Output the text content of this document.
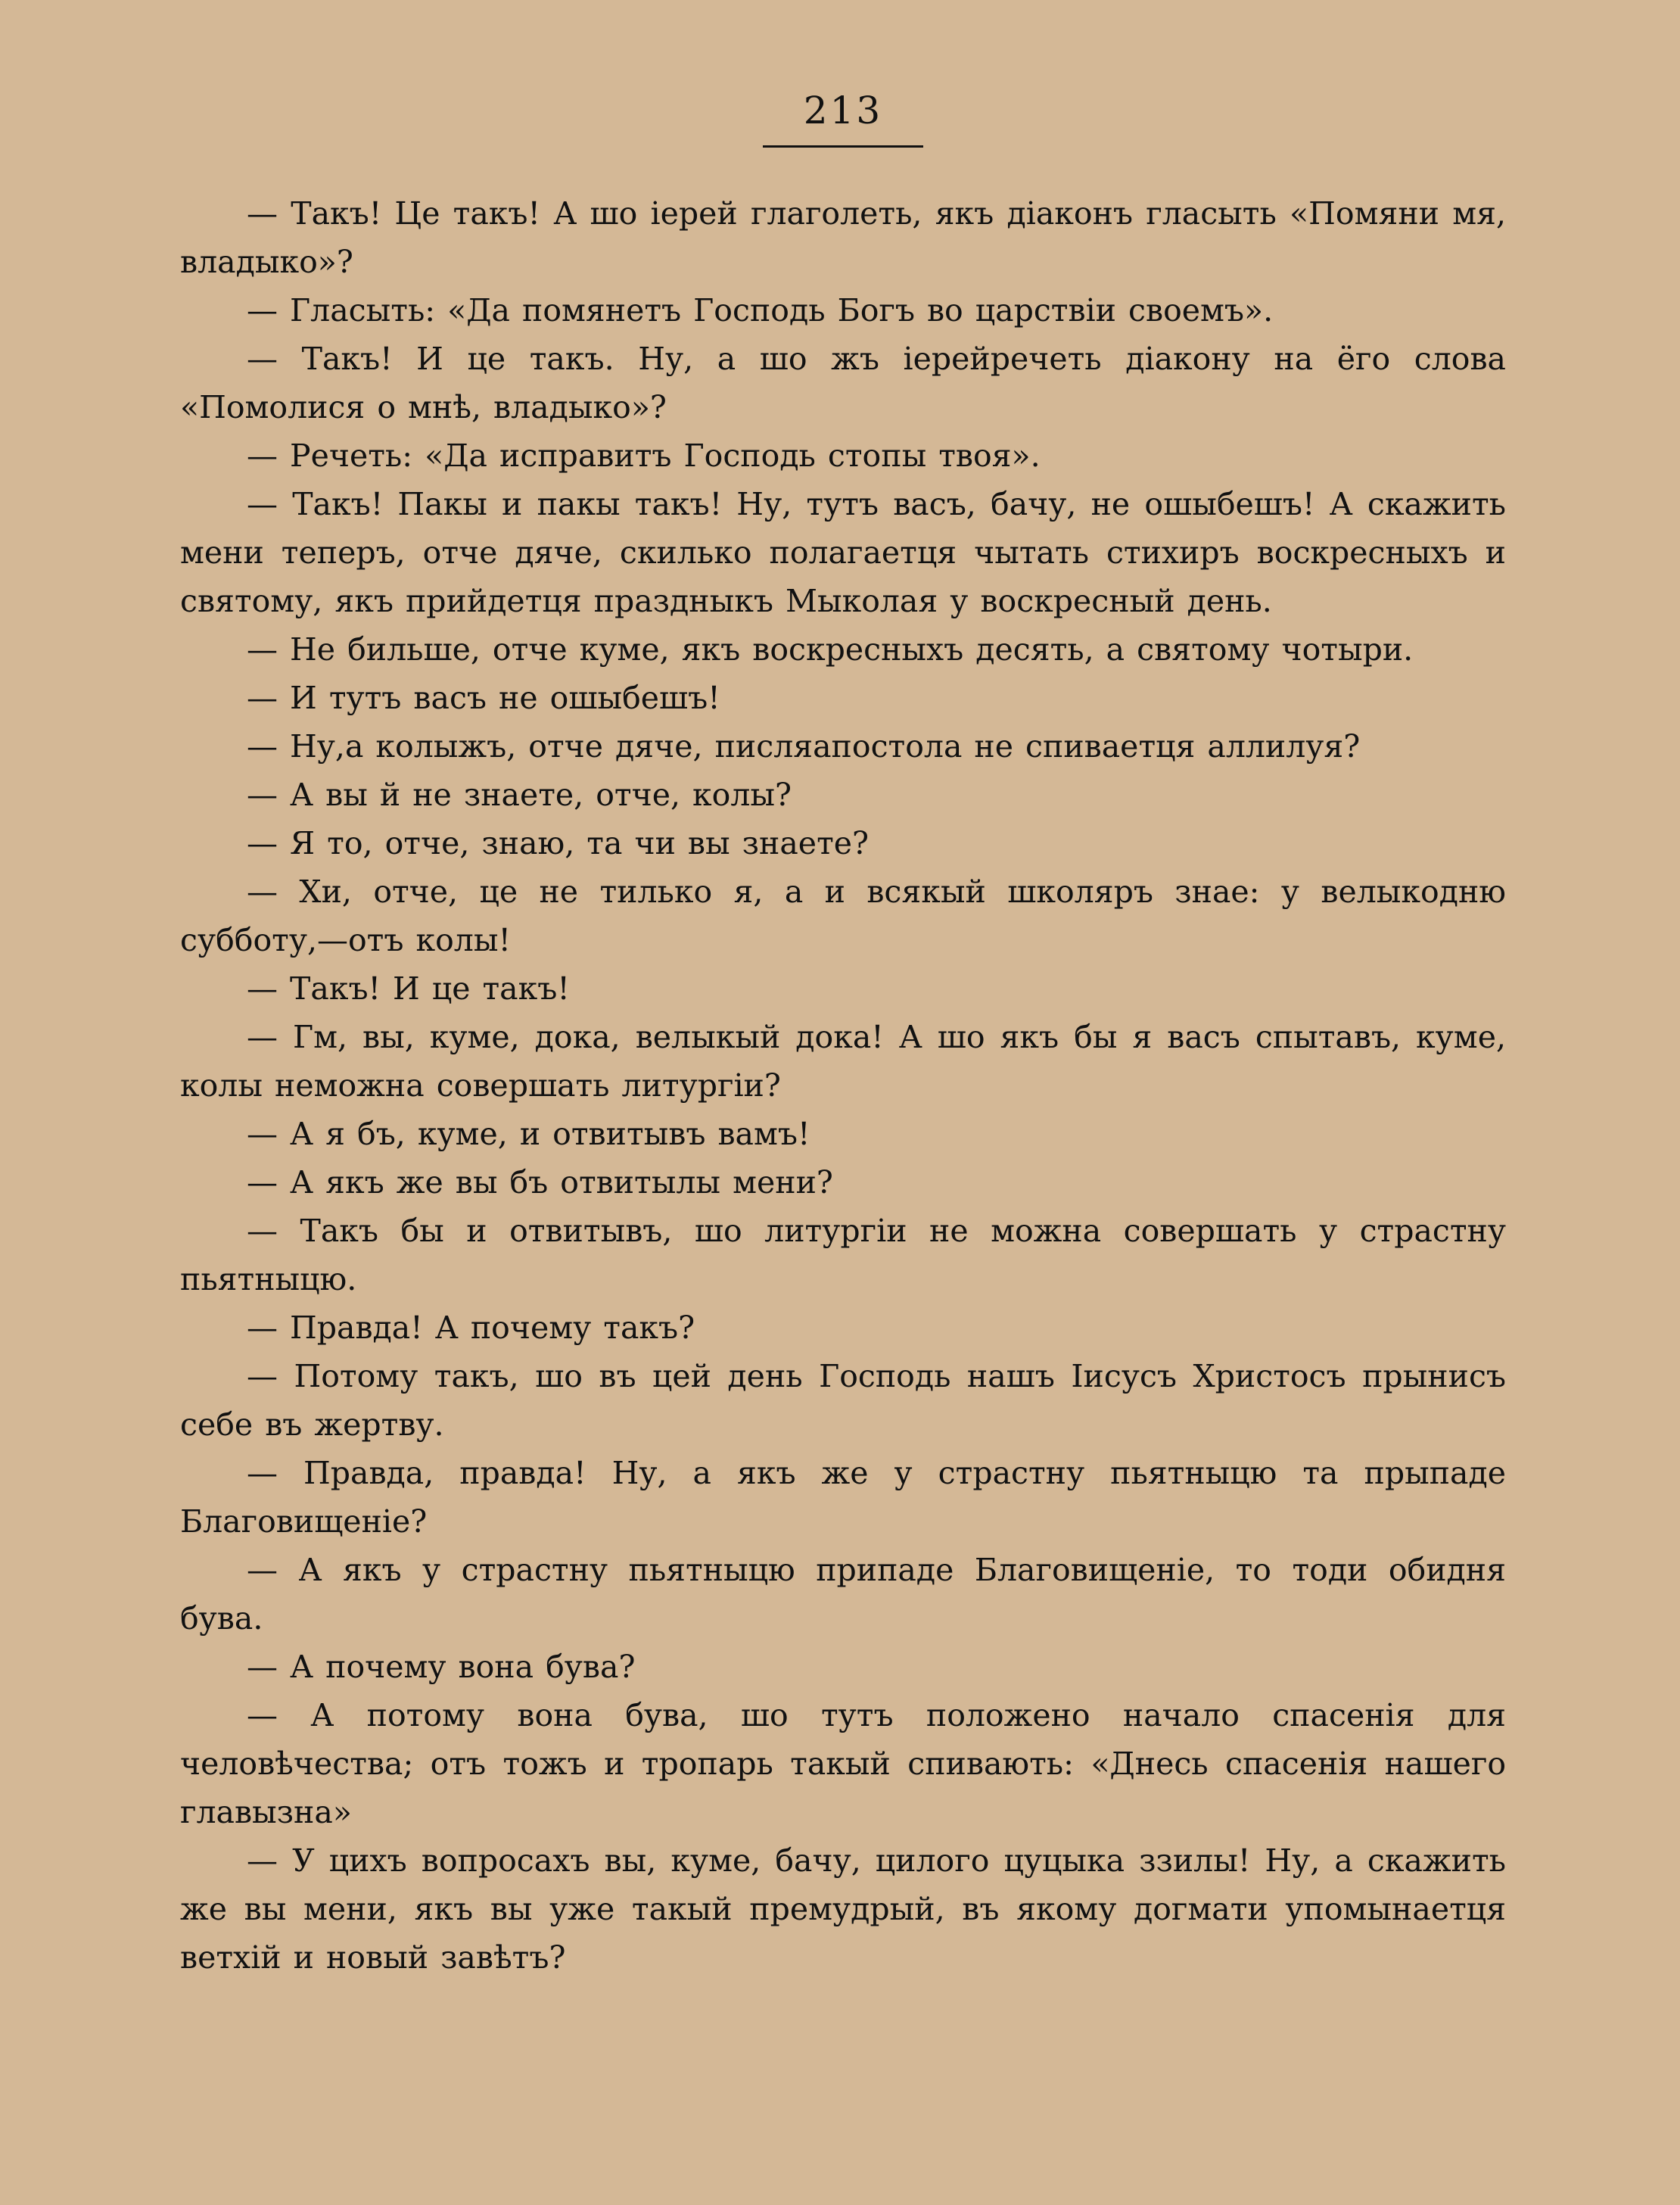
213

— Такъ! Це такъ! А шо iерей глаголеть, якъ дiаконъ гласыть «Помяни мя, владыко»?

— Гласыть: «Да помянетъ Господь Богъ во царствiи своемъ».

— Такъ! И це такъ. Ну, а шо жъ iерейречеть дiакону на ёго слова «Помолися о мнѣ, владыко»?

— Речеть: «Да исправитъ Господь стопы твоя».

— Такъ! Пакы и пакы такъ! Ну, тутъ васъ, бачу, не ошыбешъ! А скажить мени теперъ, отче дяче, скилько полагаетця чытать стихиръ воскресныхъ и святому, якъ прийдетця праздныкъ Мыколая у воскресный день.

— Не бильше, отче куме, якъ воскресныхъ десять, а святому чотыри.

— И тутъ васъ не ошыбешъ!

— Ну,а колыжъ, отче дяче, писляапостола не спиваетця аллилуя?

— А вы й не знаете, отче, колы?

— Я то, отче, знаю, та чи вы знаете?

— Хи, отче, це не тилько я, а и всякый школяръ знае: у велыкодню субботу,—отъ колы!

— Такъ! И це такъ!

— Гм, вы, куме, дока, велыкый дока! А шо якъ бы я васъ спытавъ, куме, колы неможна совершать литургiи?

— А я бъ, куме, и отвитывъ вамъ!

— А якъ же вы бъ отвитылы мени?

— Такъ бы и отвитывъ, шо литургiи не можна совершать у страстну пьятныцю.

— Правда! А почему такъ?

— Потому такъ, шо въ цей день Господь нашъ Iисусъ Христосъ прынисъ себе въ жертву.

— Правда, правда! Ну, а якъ же у страстну пьятныцю та прыпаде Благовищенiе?

— А якъ у страстну пьятныцю припаде Благовищенiе, то тоди обидня бува.

— А почему вона бува?

— А потому вона бува, шо тутъ положено начало спасенiя для человѣчества; отъ тожъ и тропарь такый спивають: «Днесь спасенiя нашего главызна»

— У цихъ вопросахъ вы, куме, бачу, цилого цуцыка ззилы! Ну, а скажить же вы мени, якъ вы уже такый премудрый, въ якому догмати упомынаетця ветхiй и новый завѣтъ?
